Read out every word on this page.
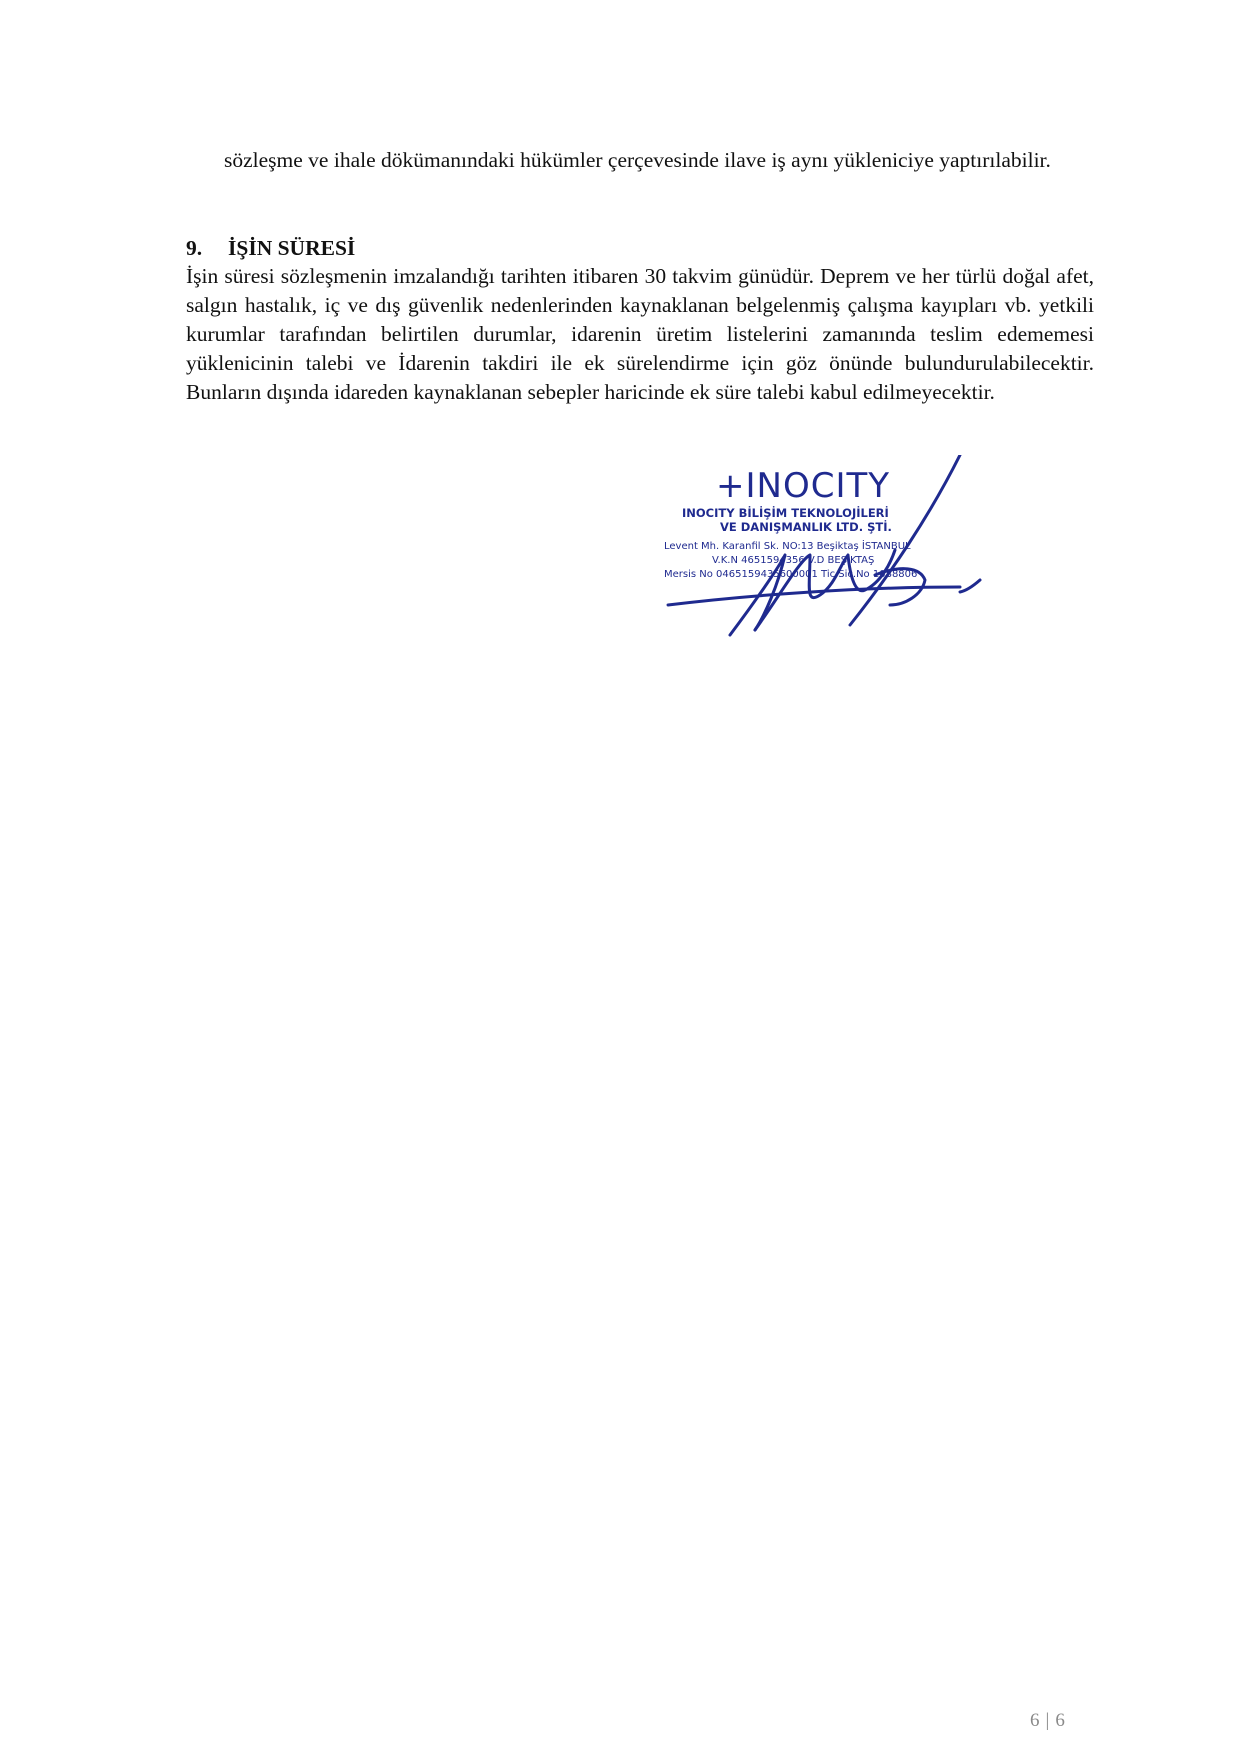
sözleşme ve ihale dökümanındaki hükümler çerçevesinde ilave iş aynı yükleniciye yaptırılabilir.

9. İŞİN SÜRESİ

İşin süresi sözleşmenin imzalandığı tarihten itibaren 30 takvim günüdür. Deprem ve her türlü doğal afet, salgın hastalık, iç ve dış güvenlik nedenlerinden kaynaklanan belgelenmiş çalışma kayıpları vb. yetkili kurumlar tarafından belirtilen durumlar, idarenin üretim listelerini zamanında teslim edememesi yüklenicinin talebi ve İdarenin takdiri ile ek sürelendirme için göz önünde bulundurulabilecektir. Bunların dışında idareden kaynaklanan sebepler haricinde ek süre talebi kabul edilmeyecektir.

+INOCITY
INOCITY BİLİŞİM TEKNOLOJİLERİ
VE DANIŞMANLIK LTD. ŞTİ.
Levent Mh. Karanfil Sk. NO:13 Beşiktaş İSTANBUL
V.K.N 4651594356 V.D BEŞİKTAŞ
Mersis No 0465159435600001 Tic.Sic.No 1088806
6 | 6
